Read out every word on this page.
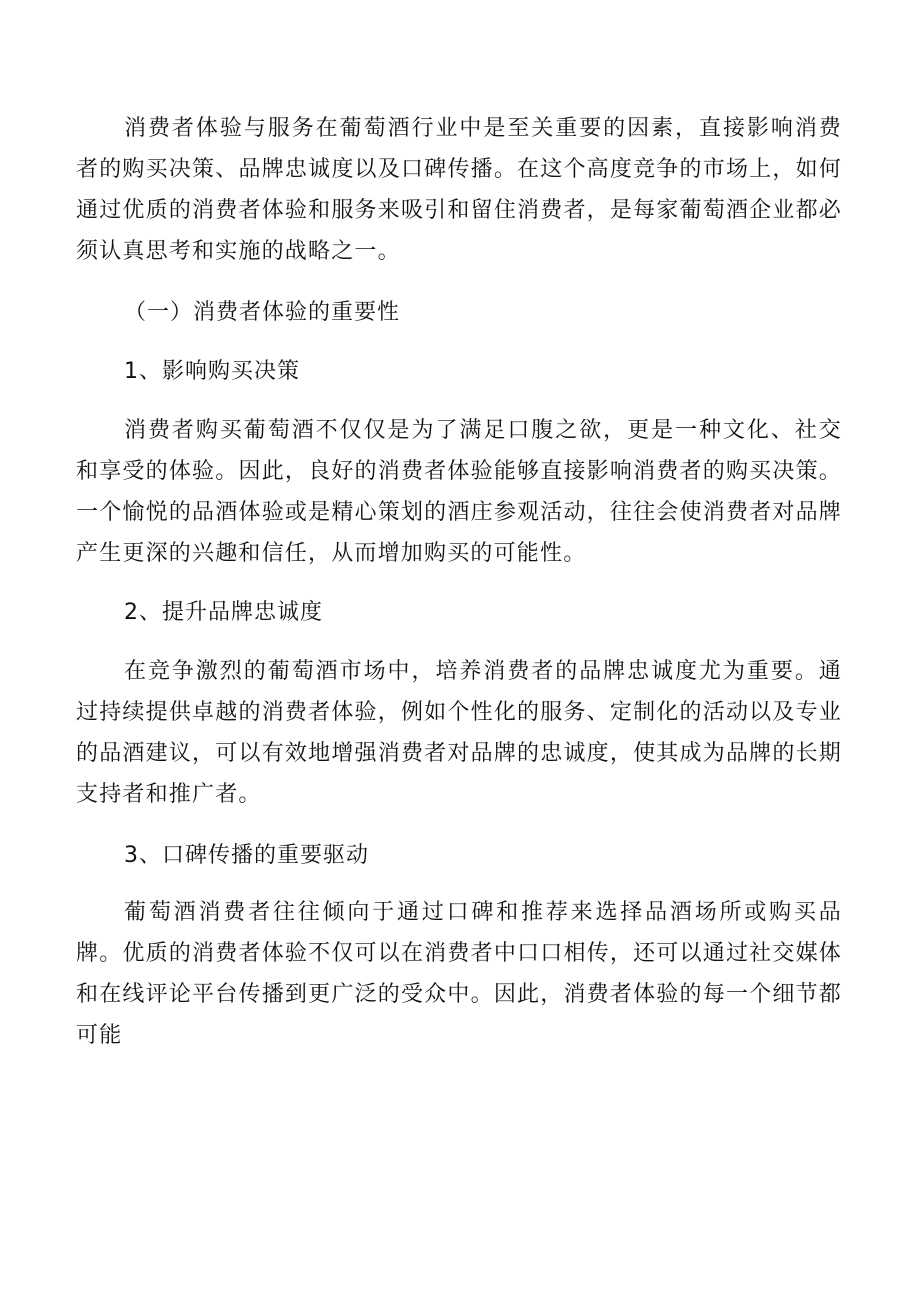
消费者体验与服务在葡萄酒行业中是至关重要的因素，直接影响消费者的购买决策、品牌忠诚度以及口碑传播。在这个高度竞争的市场上，如何通过优质的消费者体验和服务来吸引和留住消费者，是每家葡萄酒企业都必须认真思考和实施的战略之一。

（一）消费者体验的重要性

1、影响购买决策

消费者购买葡萄酒不仅仅是为了满足口腹之欲，更是一种文化、社交和享受的体验。因此，良好的消费者体验能够直接影响消费者的购买决策。一个愉悦的品酒体验或是精心策划的酒庄参观活动，往往会使消费者对品牌产生更深的兴趣和信任，从而增加购买的可能性。

2、提升品牌忠诚度

在竞争激烈的葡萄酒市场中，培养消费者的品牌忠诚度尤为重要。通过持续提供卓越的消费者体验，例如个性化的服务、定制化的活动以及专业的品酒建议，可以有效地增强消费者对品牌的忠诚度，使其成为品牌的长期支持者和推广者。

3、口碑传播的重要驱动

葡萄酒消费者往往倾向于通过口碑和推荐来选择品酒场所或购买品牌。优质的消费者体验不仅可以在消费者中口口相传，还可以通过社交媒体和在线评论平台传播到更广泛的受众中。因此，消费者体验的每一个细节都可能
